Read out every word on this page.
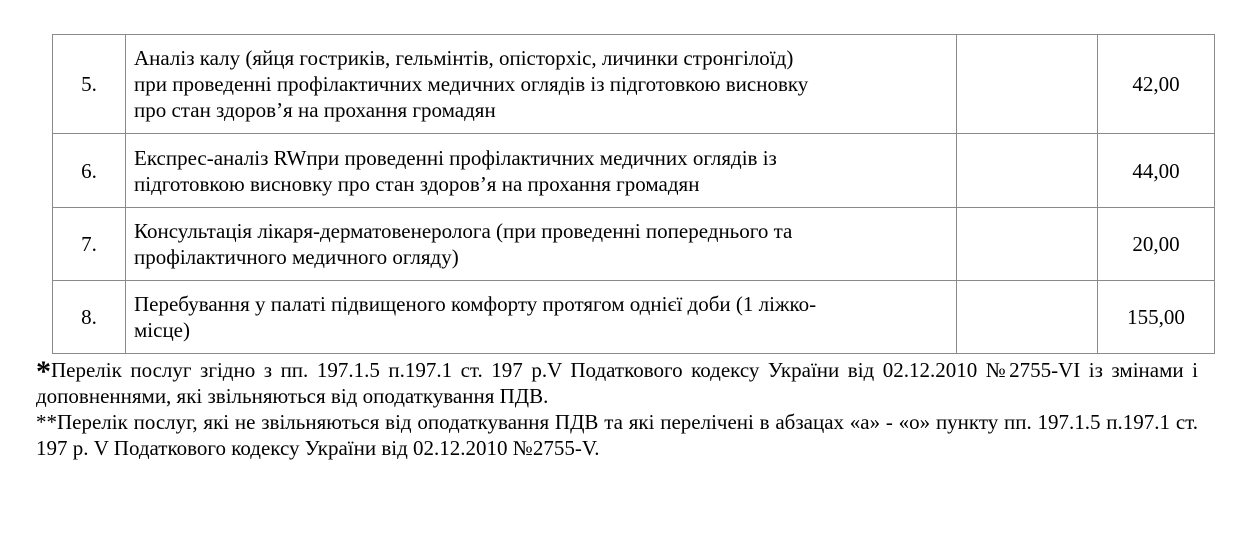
5.	Аналіз калу (яйця гостриків, гельмінтів, опісторхіс, личинки стронгілоїд)
при проведенні профілактичних медичних оглядів із підготовкою висновку
про стан здоров’я на прохання громадян		42,00
6.	Експрес-аналіз RWпри проведенні профілактичних медичних оглядів із
підготовкою висновку про стан здоров’я на прохання громадян		44,00
7.	Консультація лікаря-дерматовенеролога (при проведенні попереднього та
профілактичного медичного огляду)		20,00
8.	Перебування у палаті підвищеного комфорту протягом однієї доби (1 ліжко-
місце)		155,00

*Перелік послуг згідно з пп. 197.1.5 п.197.1 ст. 197 р.V Податкового кодексу України від 02.12.2010 №2755-VI із змінами і доповненнями, які звільняються від оподаткування ПДВ.

**Перелік послуг, які не звільняються від оподаткування ПДВ та які перелічені в абзацах «а» - «о» пункту пп. 197.1.5 п.197.1 ст. 197 р. V Податкового кодексу України від 02.12.2010 №2755-V.
